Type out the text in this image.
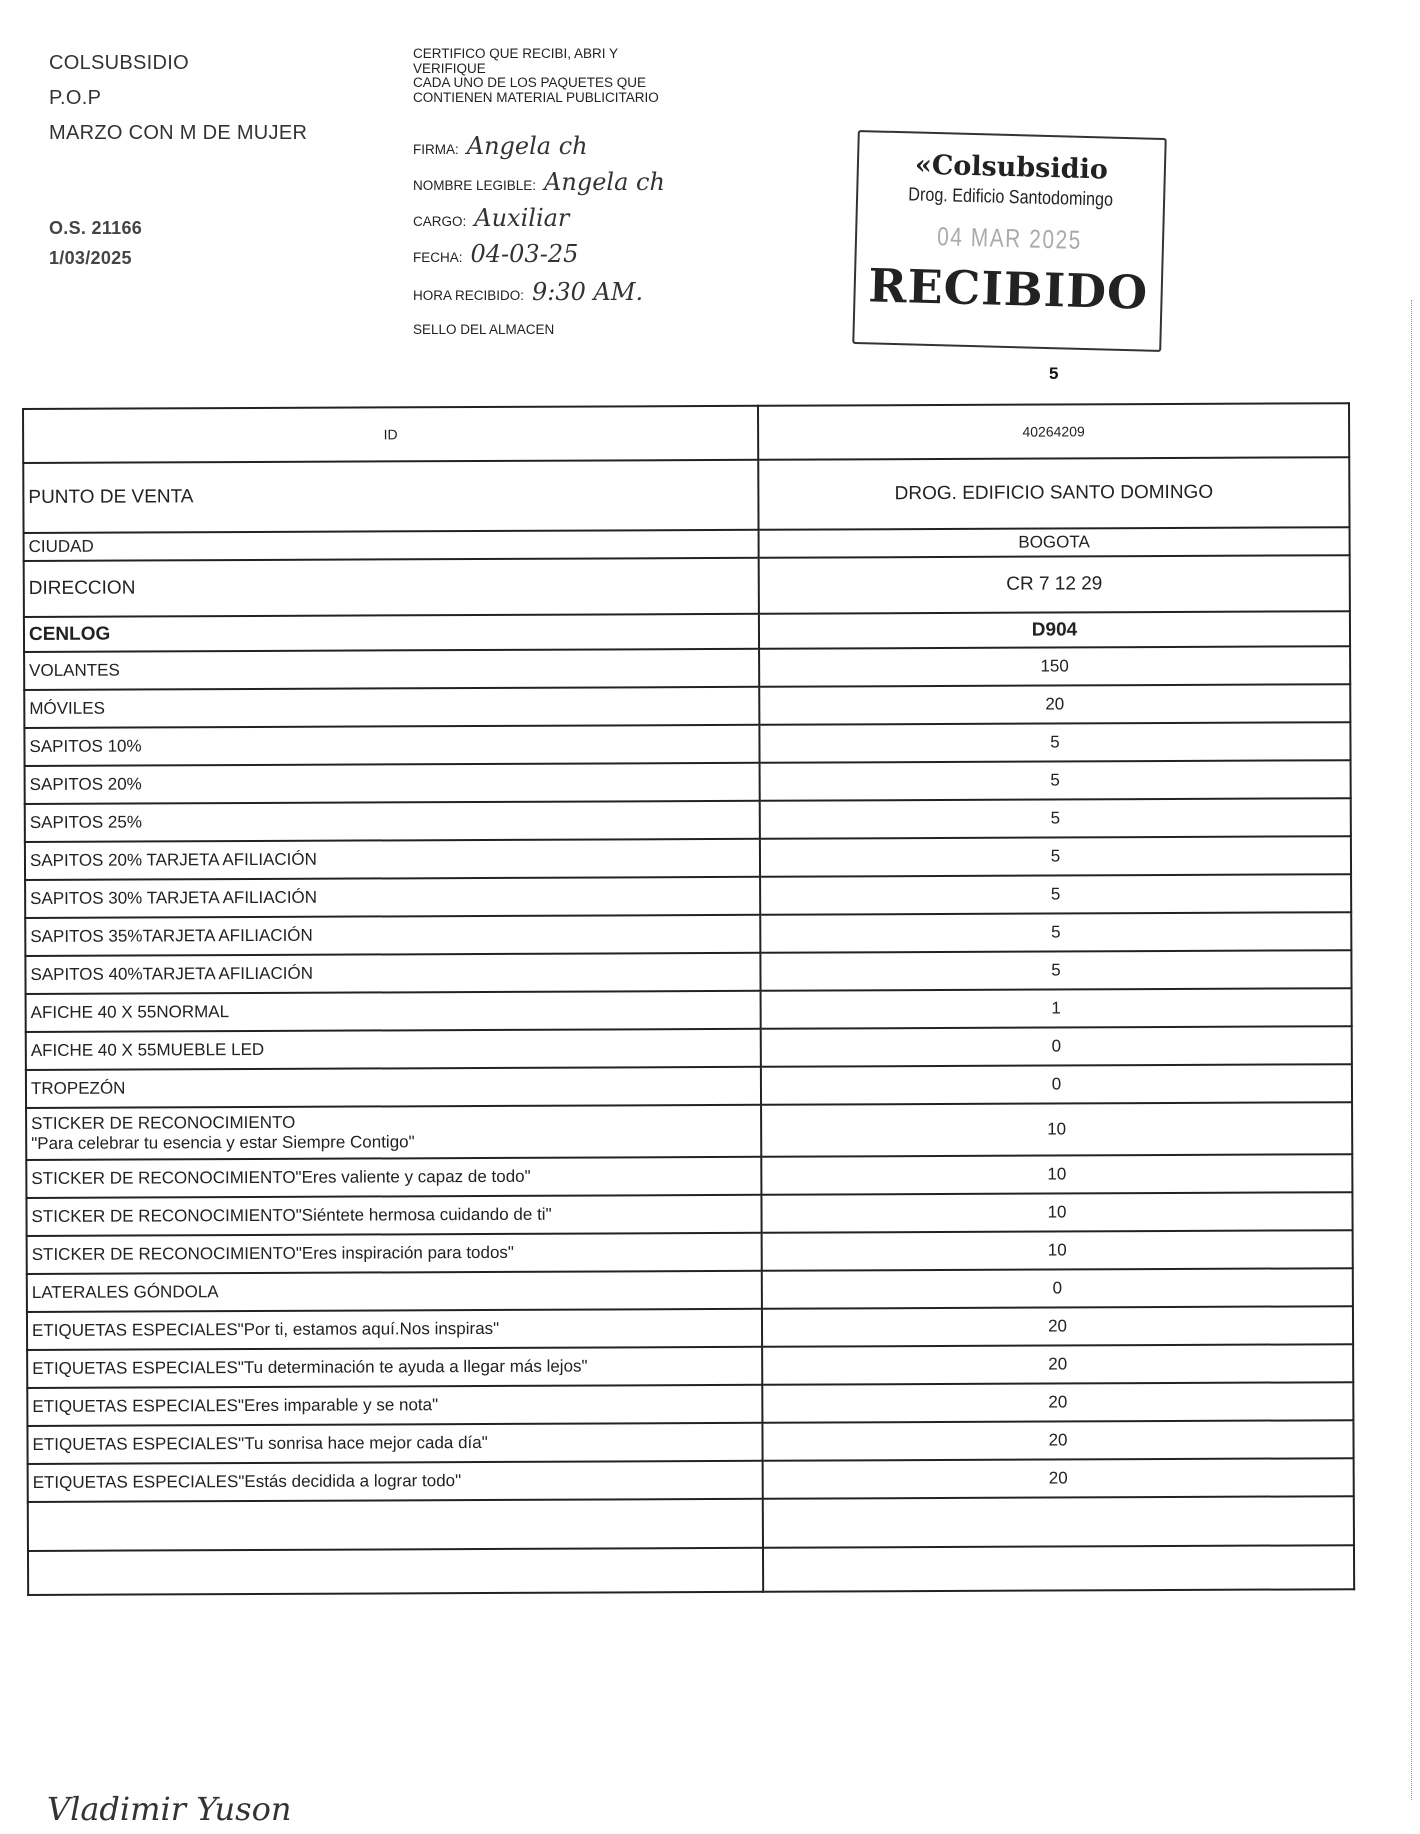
COLSUBSIDIO
P.O.P
MARZO CON M DE MUJER
O.S. 21166
1/03/2025
CERTIFICO QUE RECIBI, ABRI Y
VERIFIQUE
CADA UNO DE LOS PAQUETES QUE
CONTIENEN MATERIAL PUBLICITARIO
FIRMA: Angela ch
NOMBRE LEGIBLE: Angela ch
CARGO: Auxiliar
FECHA: 04-03-25
HORA RECIBIDO: 9:30 AM.
SELLO DEL ALMACEN
«Colsubsidio
Drog. Edificio Santodomingo
04 MAR 2025
RECIBIDO
5
ID	40264209
PUNTO DE VENTA	DROG. EDIFICIO SANTO DOMINGO
CIUDAD	BOGOTA
DIRECCION	CR 7 12 29
CENLOG	D904
VOLANTES	150
MÓVILES	20
SAPITOS 10%	5
SAPITOS 20%	5
SAPITOS 25%	5
SAPITOS 20% TARJETA AFILIACIÓN	5
SAPITOS 30% TARJETA AFILIACIÓN	5
SAPITOS 35%TARJETA AFILIACIÓN	5
SAPITOS 40%TARJETA AFILIACIÓN	5
AFICHE 40 X 55NORMAL	1
AFICHE 40 X 55MUEBLE LED	0
TROPEZÓN	0
STICKER DE RECONOCIMIENTO
"Para celebrar tu esencia y estar Siempre Contigo"	10
STICKER DE RECONOCIMIENTO"Eres valiente y capaz de todo"	10
STICKER DE RECONOCIMIENTO"Siéntete hermosa cuidando de ti"	10
STICKER DE RECONOCIMIENTO"Eres inspiración para todos"	10
LATERALES GÓNDOLA	0
ETIQUETAS ESPECIALES"Por ti, estamos aquí.Nos inspiras"	20
ETIQUETAS ESPECIALES"Tu determinación te ayuda a llegar más lejos"	20
ETIQUETAS ESPECIALES"Eres imparable y se nota"	20
ETIQUETAS ESPECIALES"Tu sonrisa hace mejor cada día"	20
ETIQUETAS ESPECIALES"Estás decidida a lograr todo"	20

Vladimir Yuson
